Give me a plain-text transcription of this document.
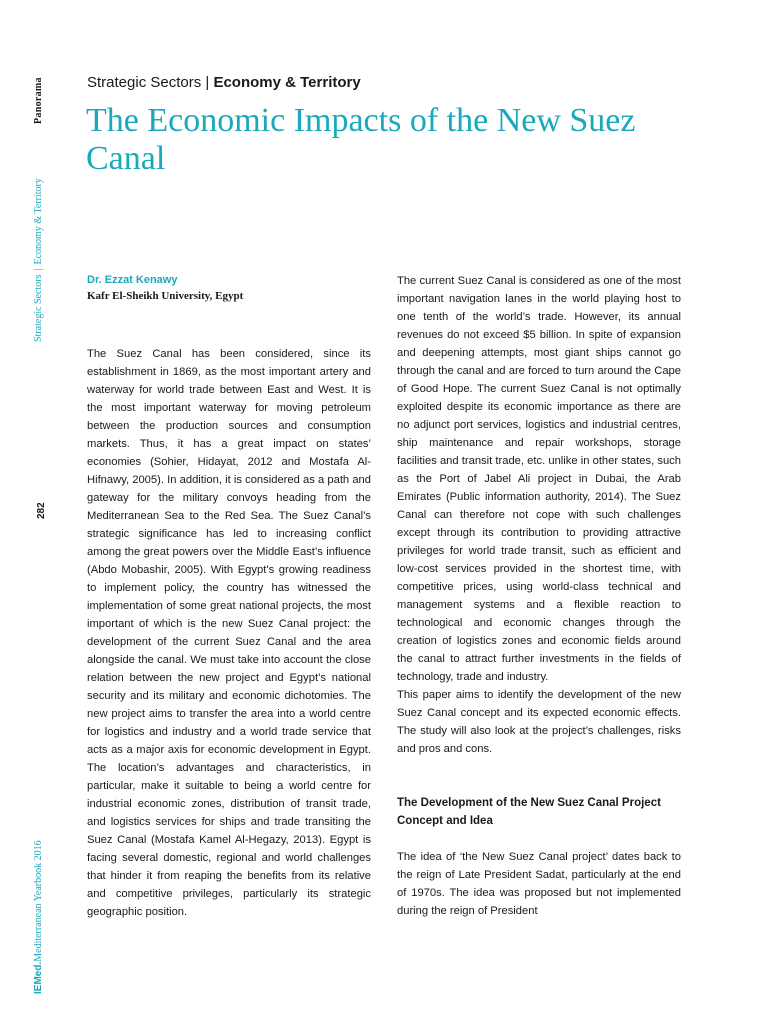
Panorama
Strategic Sectors|Economy & Territory
282
IEMed.Mediterranean Yearbook 2016
Strategic Sectors | Economy & Territory
The Economic Impacts of the New Suez Canal
Dr. Ezzat Kenawy
Kafr El-Sheikh University, Egypt

The Suez Canal has been considered, since its establishment in 1869, as the most important artery and waterway for world trade between East and West. It is the most important waterway for moving petroleum between the production sources and consumption markets. Thus, it has a great impact on states’ economies (Sohier, Hidayat, 2012 and Mostafa Al-Hifnawy, 2005). In addition, it is considered as a path and gateway for the military convoys heading from the Mediterranean Sea to the Red Sea. The Suez Canal’s strategic significance has led to increasing conflict among the great powers over the Middle East’s influence (Abdo Mobashir, 2005). With Egypt’s growing readiness to implement policy, the country has witnessed the implementation of some great national projects, the most important of which is the new Suez Canal project: the development of the current Suez Canal and the area alongside the canal. We must take into account the close relation between the new project and Egypt’s national security and its military and economic dichotomies. The new project aims to transfer the area into a world centre for logistics and industry and a world trade service that acts as a major axis for economic development in Egypt. The location’s advantages and characteristics, in particular, make it suitable to being a world centre for industrial economic zones, distribution of transit trade, and logistics services for ships and trade transiting the Suez Canal (Mostafa Kamel Al-Hegazy, 2013). Egypt is facing several domestic, regional and world challenges that hinder it from reaping the benefits from its relative and competitive privileges, particularly its strategic geographic position.

The current Suez Canal is considered as one of the most important navigation lanes in the world playing host to one tenth of the world’s trade. However, its annual revenues do not exceed $5 billion. In spite of expansion and deepening attempts, most giant ships cannot go through the canal and are forced to turn around the Cape of Good Hope. The current Suez Canal is not optimally exploited despite its economic importance as there are no adjunct port services, logistics and industrial centres, ship maintenance and repair workshops, storage facilities and transit trade, etc. unlike in other states, such as the Port of Jabel Ali project in Dubai, the Arab Emirates (Public information authority, 2014). The Suez Canal can therefore not cope with such challenges except through its contribution to providing attractive privileges for world trade transit, such as efficient and low-cost services provided in the shortest time, with competitive prices, using world-class technical and management systems and a flexible reaction to technological and economic changes through the creation of logistics zones and economic fields around the canal to attract further investments in the fields of technology, trade and industry.

This paper aims to identify the development of the new Suez Canal concept and its expected economic effects. The study will also look at the project’s challenges, risks and pros and cons.

The Development of the New Suez Canal Project Concept and Idea

The idea of ‘the New Suez Canal project’ dates back to the reign of Late President Sadat, particularly at the end of 1970s. The idea was proposed but not implemented during the reign of President
